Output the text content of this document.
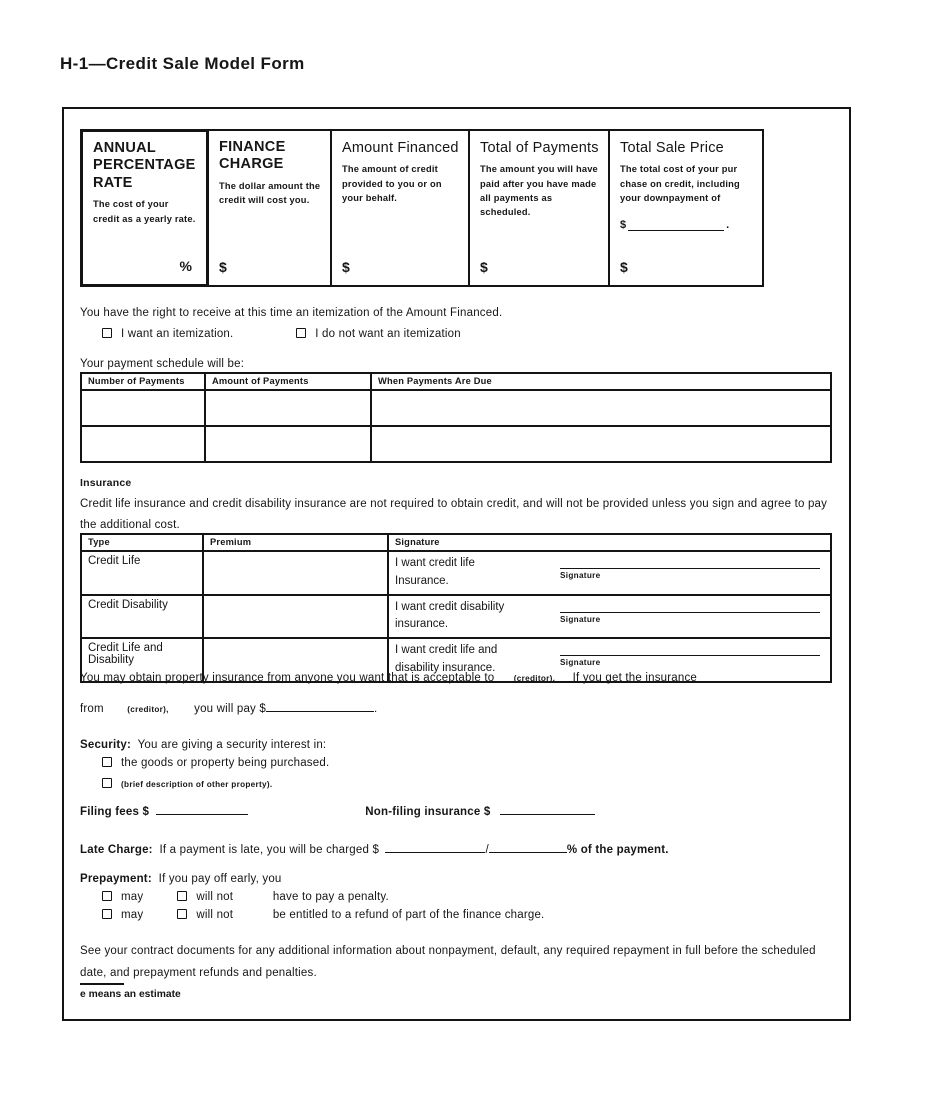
H-1—Credit Sale Model Form
ANNUAL PERCENTAGE RATE
The cost of your credit as a yearly rate.
%
FINANCE CHARGE
The dollar amount the credit will cost you.
$
Amount Financed
The amount of credit provided to you or on your behalf.
$
Total of Payments
The amount you will have paid after you have made all payments as scheduled.
$
Total Sale Price
The total cost of your pur chase on credit, including your downpayment of
$	.
$
You have the right to receive at this time an itemization of the Amount Financed.
I want an itemization.	I do not want an itemization
Your payment schedule will be:
Number of Payments	Amount of Payments	When Payments Are Due

Insurance
Credit life insurance and credit disability insurance are not required to obtain credit, and will not be provided unless you sign and agree to pay the additional cost.
Type	Premium	Signature
Credit Life		I want credit life
Insurance. Signature

Credit Disability		I want credit disability
insurance. Signature

Credit Life and Disability		I want credit life and
disability insurance. Signature
You may obtain property insurance from anyone you want that is acceptable to (creditor). If you get the insurance
from	(creditor), you will pay $	.
Security: You are giving a security interest in:
the goods or property being purchased.
(brief description of other property).
Filing fees $	Non-filing insurance $
Late Charge: If a payment is late, you will be charged $	/	% of the payment.
Prepayment: If you pay off early, you
may	will not	have to pay a penalty.
may	will not	be entitled to a refund of part of the finance charge.
See your contract documents for any additional information about nonpayment, default, any required repayment in full before the scheduled date, and prepayment refunds and penalties.
e means an estimate
